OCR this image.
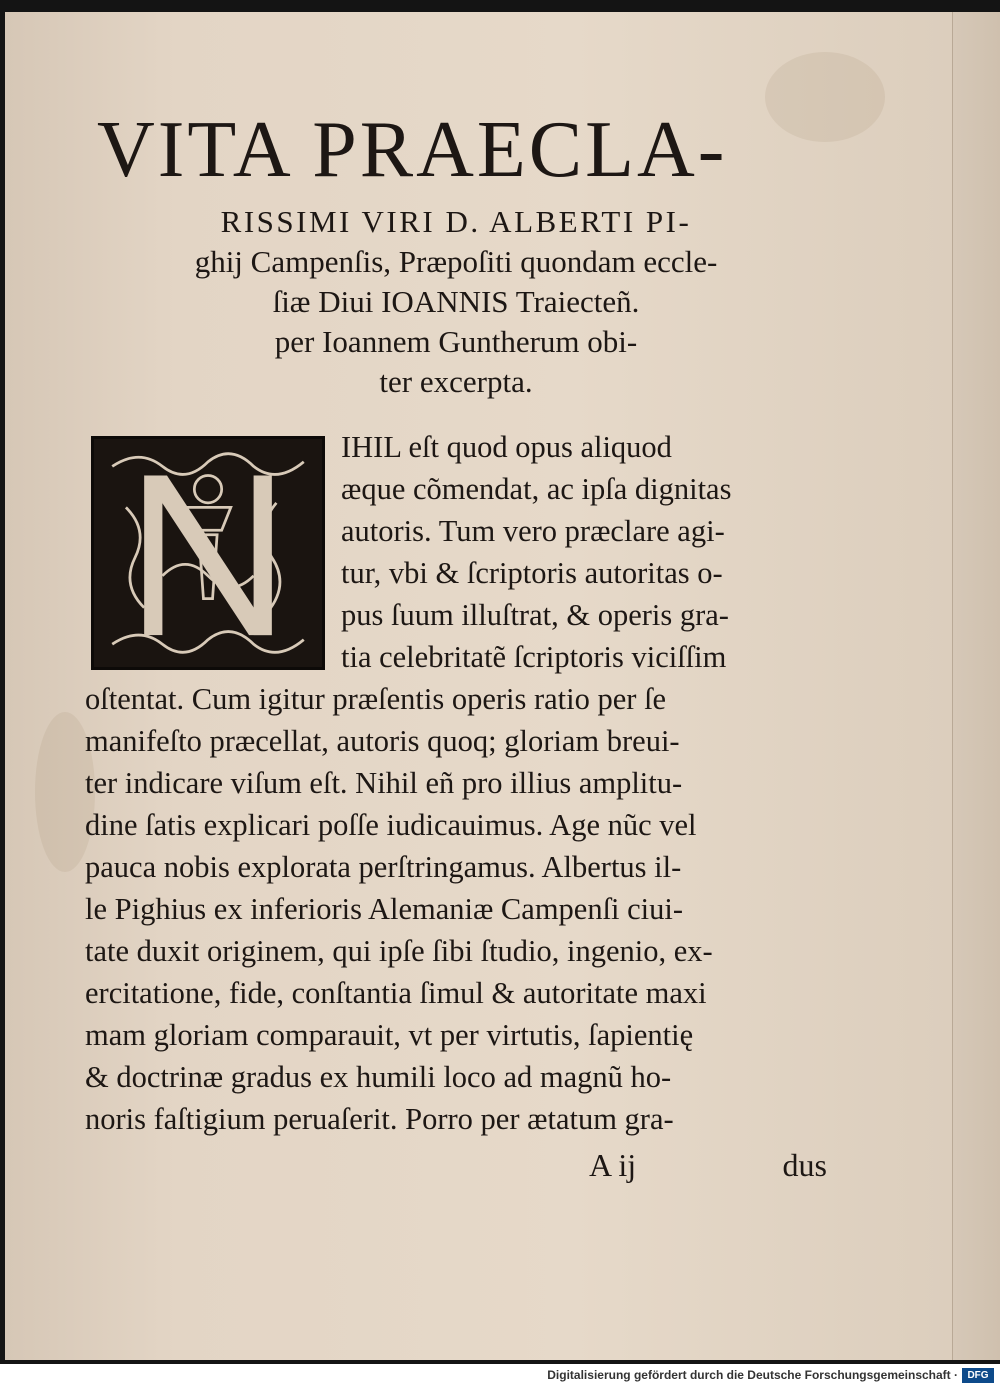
VITA PRAECLA-
RISSIMI VIRI D. ALBERTI PI-
ghij Campenſis, Præpoſiti quondam eccle-
ſiæ Diui IOANNIS Traiecteñ.
per Ioannem Guntherum obi-
ter excerpta.
IHIL eſt quod opus aliquod
æque cõmendat, ac ipſa dignitas
autoris. Tum vero præclare agi-
tur, vbi & ſcriptoris autoritas o-
pus ſuum illuſtrat, & operis gra-
tia celebritatẽ ſcriptoris viciſſim
oſtentat. Cum igitur præſentis operis ratio per ſe
manifeſto præcellat, autoris quoq; gloriam breui-
ter indicare viſum eſt. Nihil eñ pro illius amplitu-
dine ſatis explicari poſſe iudicauimus. Age nũc vel
pauca nobis explorata perſtringamus. Albertus il-
le Pighius ex inferioris Alemaniæ Campenſi ciui-
tate duxit originem, qui ipſe ſibi ſtudio, ingenio, ex-
ercitatione, fide, conſtantia ſimul & autoritate maxi
mam gloriam comparauit, vt per virtutis, ſapientię
& doctrinæ gradus ex humili loco ad magnũ ho-
noris faſtigium peruaſerit. Porro per ætatum gra-
A ij	dus
Digitalisierung gefördert durch die Deutsche Forschungsgemeinschaft · DFG
